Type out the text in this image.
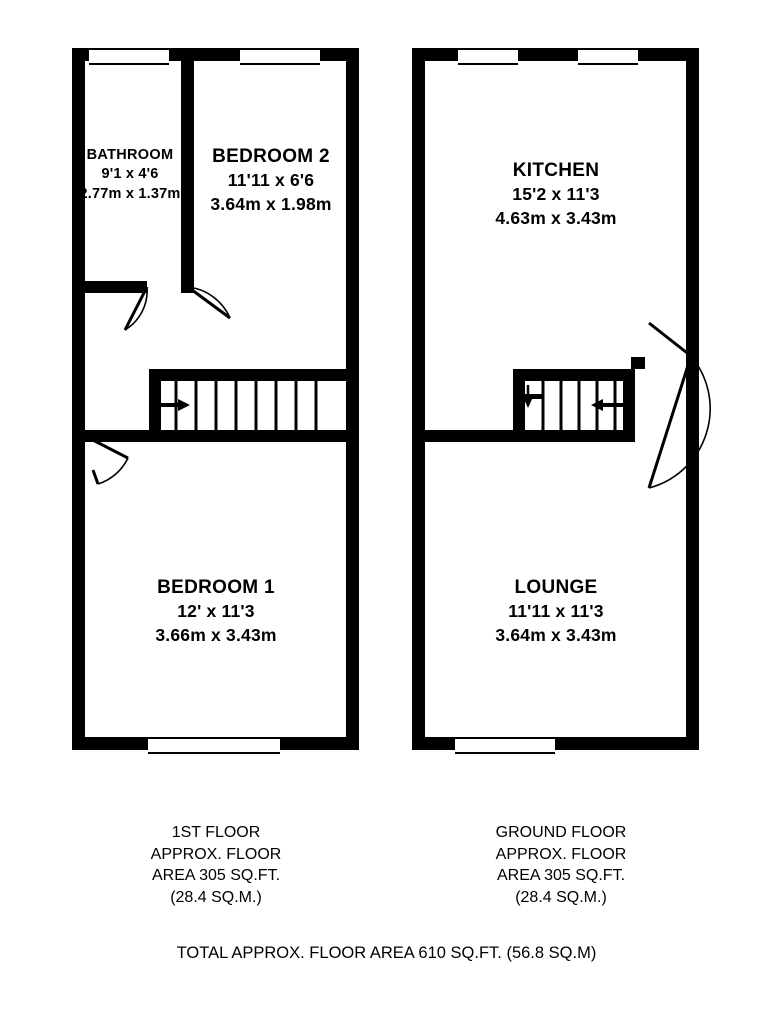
BATHROOM
9'1 x 4'6
2.77m x 1.37m
BEDROOM 2
11'11 x 6'6
3.64m x 1.98m
BEDROOM 1
12' x 11'3
3.66m x 3.43m
KITCHEN
15'2 x 11'3
4.63m x 3.43m
LOUNGE
11'11 x 11'3
3.64m x 3.43m
1ST FLOOR
APPROX. FLOOR
AREA 305 SQ.FT.
(28.4 SQ.M.)
GROUND FLOOR
APPROX. FLOOR
AREA 305 SQ.FT.
(28.4 SQ.M.)
TOTAL APPROX. FLOOR AREA 610 SQ.FT. (56.8 SQ.M)
